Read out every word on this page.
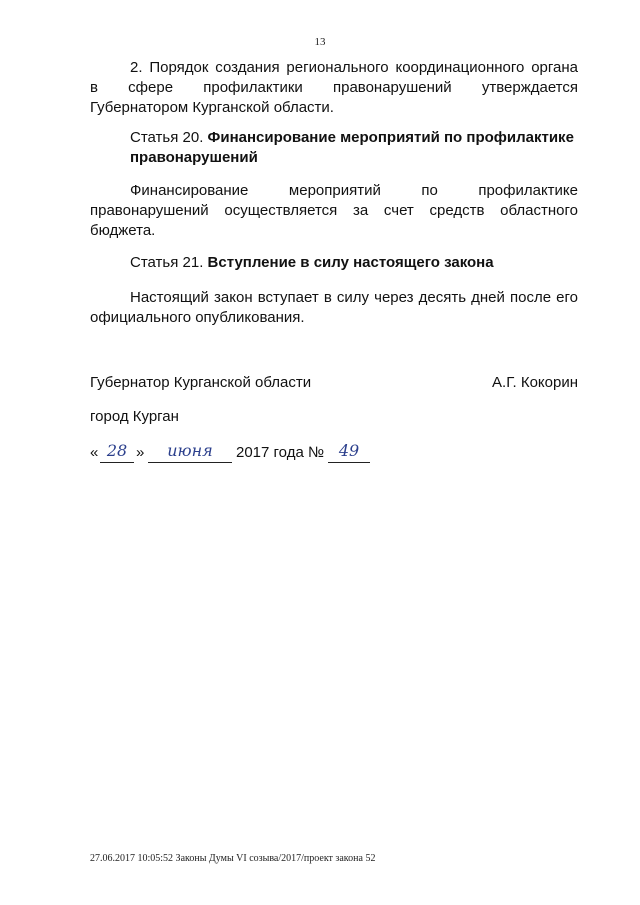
13
2. Порядок создания регионального координационного органа
в сфере профилактики правонарушений утверждается
Губернатором Курганской области.
Статья 20. Финансирование мероприятий по профилактике правонарушений
Финансирование мероприятий по профилактике правонарушений осуществляется за счет средств областного бюджета.
Статья 21. Вступление в силу настоящего закона
Настоящий закон вступает в силу через десять дней после его официального опубликования.
Губернатор Курганской области	А.Г. Кокорин
город Курган
« 28 »	июня	2017 года № 49
27.06.2017 10:05:52 Законы Думы VI созыва/2017/проект закона 52
